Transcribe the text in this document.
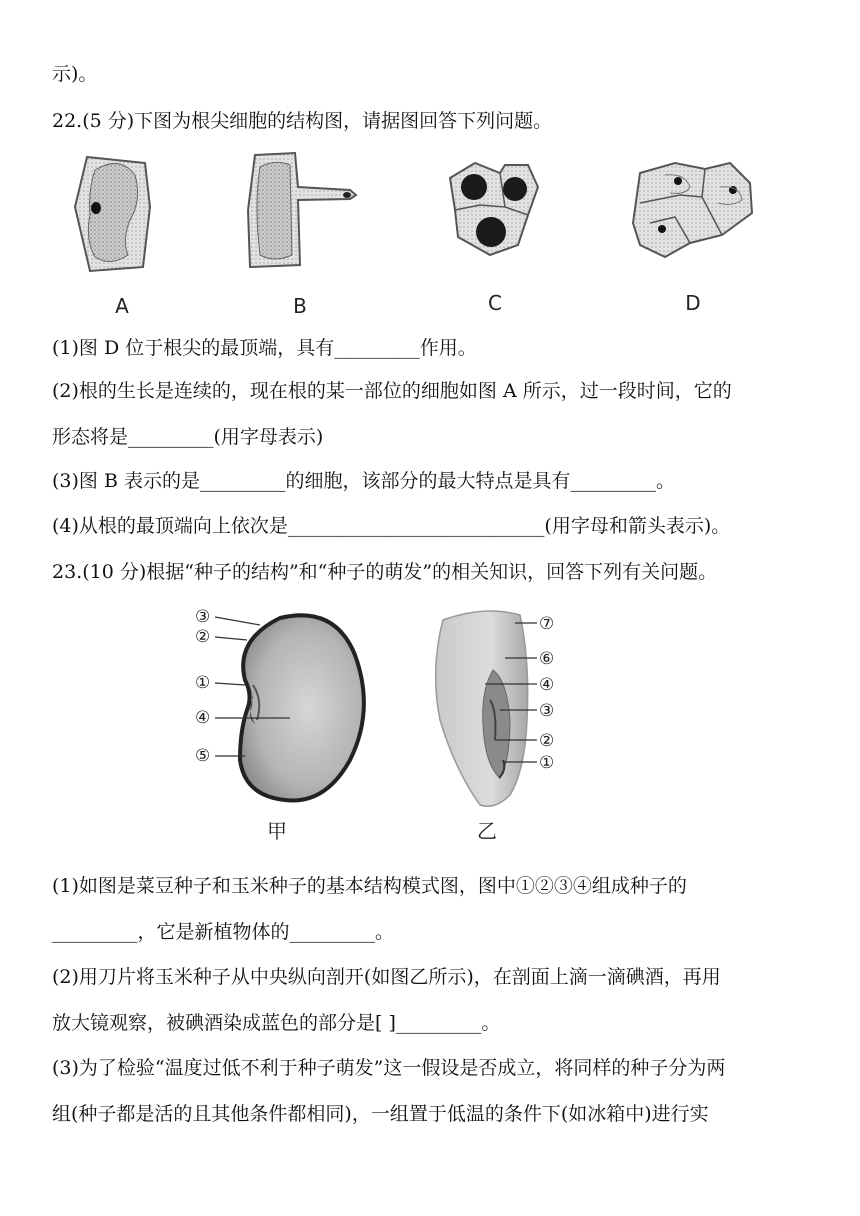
示)。
22.(5 分)下图为根尖细胞的结构图，请据图回答下列问题。
A	B	C	D
(1)图 D 位于根尖的最顶端，具有_________作用。
(2)根的生长是连续的，现在根的某一部位的细胞如图 A 所示，过一段时间，它的
形态将是_________(用字母表示)
(3)图 B 表示的是_________的细胞，该部分的最大特点是具有_________。
(4)从根的最顶端向上依次是___________________________(用字母和箭头表示)。
23.(10 分)根据“种子的结构”和“种子的萌发”的相关知识，回答下列有关问题。
③
②
①
④
⑤
甲
⑦
⑥
④
③
②
①
乙
(1)如图是菜豆种子和玉米种子的基本结构模式图，图中①②③④组成种子的
_________，它是新植物体的_________。
(2)用刀片将玉米种子从中央纵向剖开(如图乙所示)，在剖面上滴一滴碘酒，再用
放大镜观察，被碘酒染成蓝色的部分是[ ]_________。
(3)为了检验“温度过低不利于种子萌发”这一假设是否成立，将同样的种子分为两
组(种子都是活的且其他条件都相同)，一组置于低温的条件下(如冰箱中)进行实
